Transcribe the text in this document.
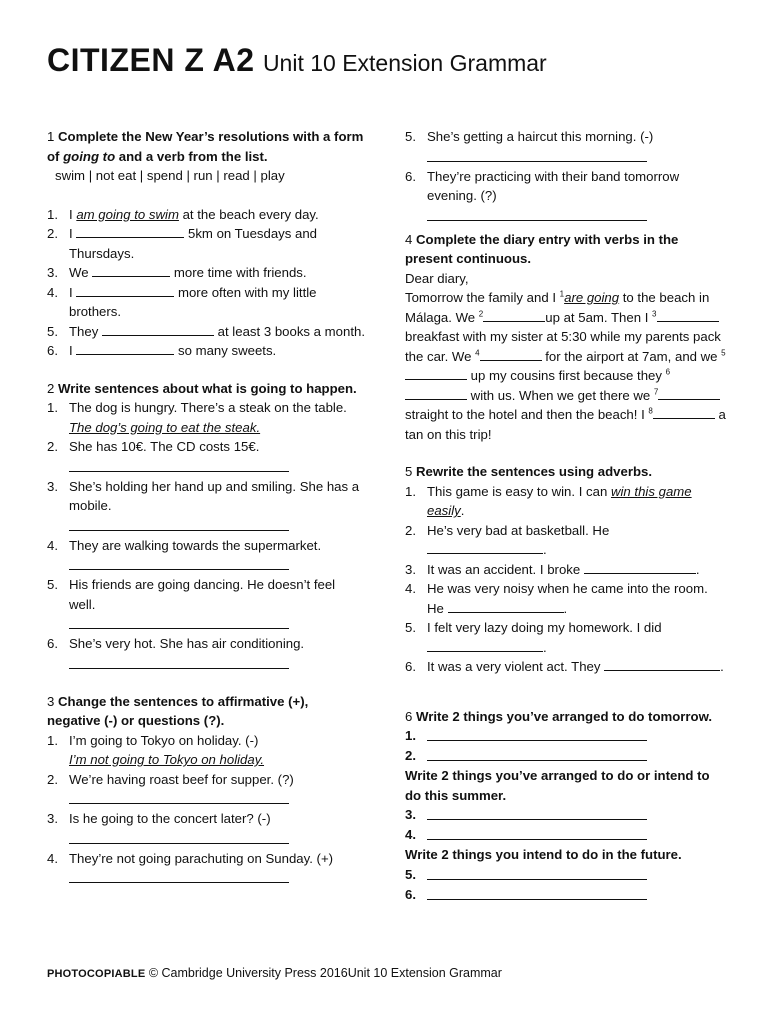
CITIZEN Z A2 Unit 10 Extension Grammar
1 Complete the New Year’s resolutions with a form of going to and a verb from the list.
swim | not eat | spend | run | read | play
1. I am going to swim at the beach every day.
2. I	5km on Tuesdays and Thursdays.
3. We	more time with friends.
4. I	more often with my little brothers.
5. They	at least 3 books a month.
6. I	so many sweets.
2 Write sentences about what is going to happen.
1. The dog is hungry. There’s a steak on the table.
The dog’s going to eat the steak.
2. She has 10€. The CD costs 15€.
3. She’s holding her hand up and smiling. She has a mobile.
4. They are walking towards the supermarket.
5. His friends are going dancing. He doesn’t feel well.
6. She’s very hot. She has air conditioning.
3 Change the sentences to affirmative (+), negative (-) or questions (?).
1. I’m going to Tokyo on holiday. (-)
I’m not going to Tokyo on holiday.
2. We’re having roast beef for supper. (?)
3. Is he going to the concert later? (-)
4. They’re not going parachuting on Sunday. (+)
5. She’s getting a haircut this morning. (-)
6. They’re practicing with their band tomorrow evening. (?)
4 Complete the diary entry with verbs in the present continuous.
Dear diary,
Tomorrow the family and I $^1$are going to the beach in Málaga. We $^2$	up at 5am. Then I $^3$ breakfast with my sister at 5:30 while my parents pack the car. We $^4$	for the airport at 7am, and we $^5$ up my cousins first because they $^6$ with us. When we get there we $^7$ straight to the hotel and then the beach! I $^8$	a tan on this trip!
5 Rewrite the sentences using adverbs.
1. This game is easy to win. I can win this game easily.
2. He’s very bad at basketball. He .
3. It was an accident. I broke	.
4. He was very noisy when he came into the room. He	.
5. I felt very lazy doing my homework. I did .
6. It was a very violent act. They	.
6 Write 2 things you’ve arranged to do tomorrow.
1.
2.
Write 2 things you’ve arranged to do or intend to do this summer.
3.
4.
Write 2 things you intend to do in the future.
5.
6.
PHOTOCOPIABLE © Cambridge University Press 2016Unit 10 Extension Grammar
